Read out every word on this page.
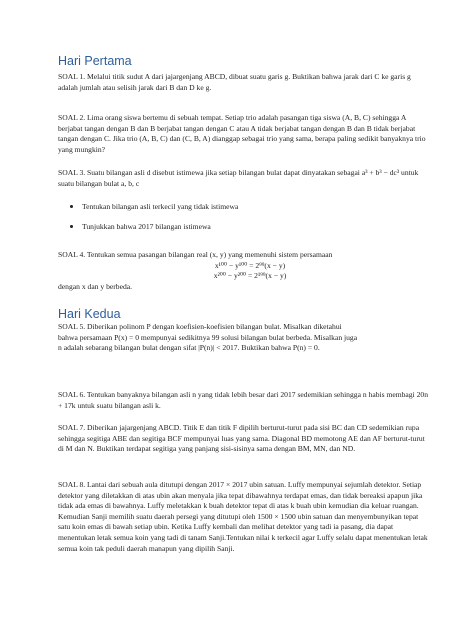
Hari Pertama
SOAL 1. Melalui titik sudut A dari jajargenjang ABCD, dibuat suatu garis g. Buktikan bahwa jarak dari C ke garis g adalah jumlah atau selisih jarak dari B dan D ke g.
SOAL 2. Lima orang siswa bertemu di sebuah tempat. Setiap trio adalah pasangan tiga siswa (A, B, C) sehingga A berjabat tangan dengan B dan B berjabat tangan dengan C atau A tidak berjabat tangan dengan B dan B tidak berjabat tangan dengan C. Jika trio (A, B, C) dan (C, B, A) dianggap sebagai trio yang sama, berapa paling sedikit banyaknya trio yang mungkin?
SOAL 3. Suatu bilangan asli d disebut istimewa jika setiap bilangan bulat dapat dinyatakan sebagai a³ + b³ − dc³ untuk suatu bilangan bulat a, b, c
Tentukan bilangan asli terkecil yang tidak istimewa
Tunjukkan bahwa 2017 bilangan istimewa
SOAL 4. Tentukan semua pasangan bilangan real (x, y) yang memenuhi sistem persamaan
x¹⁰⁰ − y¹⁰⁰ = 2⁹⁹(x − y)
x²⁰⁰ − y²⁰⁰ = 2¹⁹⁹(x − y)
dengan x dan y berbeda.
Hari Kedua
SOAL 5. Diberikan polinom P dengan koefisien-koefisien bilangan bulat. Misalkan diketahui bahwa persamaan P(x) = 0 mempunyai sedikitnya 99 solusi bilangan bulat berbeda. Misalkan juga n adalah sebarang bilangan bulat dengan sifat |P(n)| < 2017. Buktikan bahwa P(n) = 0.
SOAL 6. Tentukan banyaknya bilangan asli n yang tidak lebih besar dari 2017 sedemikian sehingga n habis membagi 20n + 17k untuk suatu bilangan asli k.
SOAL 7. Diberikan jajargenjang ABCD. Titik E dan titik F dipilih berturut-turut pada sisi BC dan CD sedemikian rupa sehingga segitiga ABE dan segitiga BCF mempunyai luas yang sama. Diagonal BD memotong AE dan AF berturut-turut di M dan N. Buktikan terdapat segitiga yang panjang sisi-sisinya sama dengan BM, MN, dan ND.
SOAL 8. Lantai dari sebuah aula ditutupi dengan 2017 × 2017 ubin satuan. Luffy mempunyai sejumlah detektor. Setiap detektor yang diletakkan di atas ubin akan menyala jika tepat dibawahnya terdapat emas, dan tidak bereaksi apapun jika tidak ada emas di bawahnya. Luffy meletakkan k buah detektor tepat di atas k buah ubin kemudian dia keluar ruangan. Kemudian Sanji memilih suatu daerah persegi yang ditutupi oleh 1500 × 1500 ubin satuan dan menyembunyikan tepat satu koin emas di bawah setiap ubin. Ketika Luffy kembali dan melihat detektor yang tadi ia pasang, dia dapat menentukan letak semua koin yang tadi di tanam Sanji.Tentukan nilai k terkecil agar Luffy selalu dapat menentukan letak semua koin tak peduli daerah manapun yang dipilih Sanji.
